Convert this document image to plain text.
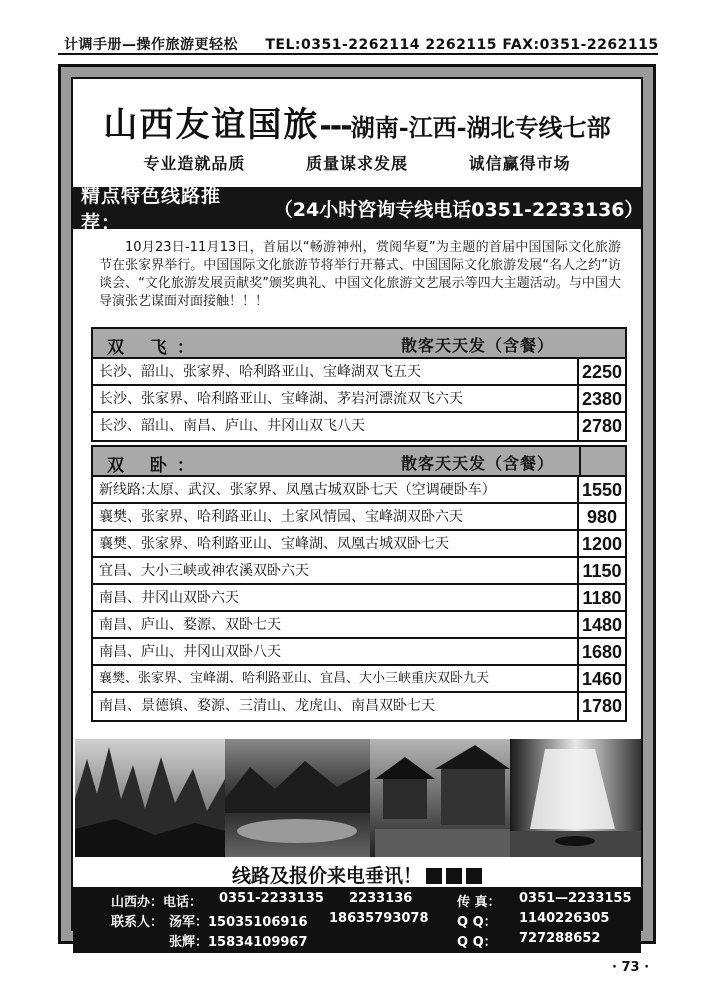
计调手册—操作旅游更轻松 TEL:0351-2262114 2262115 FAX:0351-2262115
山西友谊国旅---湖南-江西-湖北专线七部
专业造就品质	质量谋求发展	诚信赢得市场
精点特色线路推荐：
（24小时咨询专线电话0351-2233136）
10月23日-11月13日，首届以“畅游神州，赏阅华夏”为主题的首届中国国际文化旅游节在张家界举行。中国国际文化旅游节将举行开幕式、中国国际文化旅游发展“名人之约”访谈会、“文化旅游发展贡献奖”颁奖典礼、中国文化旅游文艺展示等四大主题活动。与中国大导演张艺谋面对面接触！！！
双 飞：	散客天天发（含餐）
长沙、韶山、张家界、哈利路亚山、宝峰湖双飞五天	2250
长沙、张家界、哈利路亚山、宝峰湖、茅岩河漂流双飞六天	2380
长沙、韶山、南昌、庐山、井冈山双飞八天	2780
双 卧：	散客天天发（含餐）
新线路:太原、武汉、张家界、凤凰古城双卧七天（空调硬卧车）	1550
襄樊、张家界、哈利路亚山、土家风情园、宝峰湖双卧六天	980
襄樊、张家界、哈利路亚山、宝峰湖、凤凰古城双卧七天	1200
宜昌、大小三峡或神农溪双卧六天	1150
南昌、井冈山双卧六天	1180
南昌、庐山、婺源、双卧七天	1480
南昌、庐山、井冈山双卧八天	1680
襄樊、张家界、宝峰湖、哈利路亚山、宜昌、大小三峡重庆双卧九天	1460
南昌、景德镇、婺源、三清山、龙虎山、南昌双卧七天	1780
线路及报价来电垂讯！
山西办：电话： 0351-2233135 2233136	传 真： 0351—2233155
联系人： 汤军：15035106916 18635793078 Q Q： 1140226305
张辉：15834109967	Q Q： 727288652
· 73 ·
